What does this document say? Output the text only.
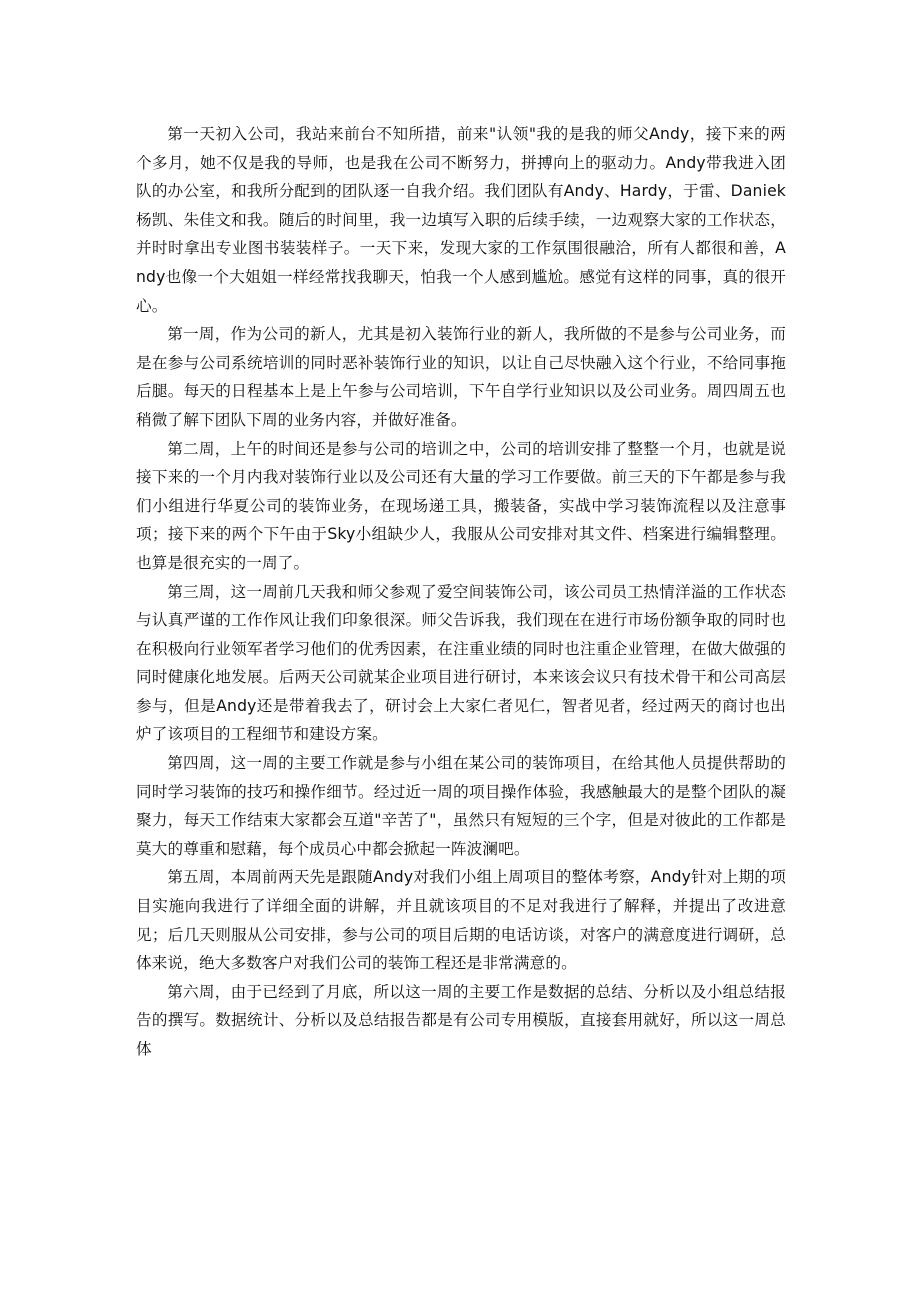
第一天初入公司，我站来前台不知所措，前来"认领"我的是我的师父Andy，接下来的两个多月，她不仅是我的导师，也是我在公司不断努力，拼搏向上的驱动力。Andy带我进入团队的办公室，和我所分配到的团队逐一自我介绍。我们团队有Andy、Hardy，于雷、Daniek杨凯、朱佳文和我。随后的时间里，我一边填写入职的后续手续，一边观察大家的工作状态，并时时拿出专业图书装装样子。一天下来，发现大家的工作氛围很融洽，所有人都很和善，Andy也像一个大姐姐一样经常找我聊天，怕我一个人感到尴尬。感觉有这样的同事，真的很开心。

第一周，作为公司的新人，尤其是初入装饰行业的新人，我所做的不是参与公司业务，而是在参与公司系统培训的同时恶补装饰行业的知识，以让自己尽快融入这个行业，不给同事拖后腿。每天的日程基本上是上午参与公司培训，下午自学行业知识以及公司业务。周四周五也稍微了解下团队下周的业务内容，并做好准备。

第二周，上午的时间还是参与公司的培训之中，公司的培训安排了整整一个月，也就是说接下来的一个月内我对装饰行业以及公司还有大量的学习工作要做。前三天的下午都是参与我们小组进行华夏公司的装饰业务，在现场递工具，搬装备，实战中学习装饰流程以及注意事项；接下来的两个下午由于Sky小组缺少人，我服从公司安排对其文件、档案进行编辑整理。也算是很充实的一周了。

第三周，这一周前几天我和师父参观了爱空间装饰公司，该公司员工热情洋溢的工作状态与认真严谨的工作作风让我们印象很深。师父告诉我，我们现在在进行市场份额争取的同时也在积极向行业领军者学习他们的优秀因素，在注重业绩的同时也注重企业管理，在做大做强的同时健康化地发展。后两天公司就某企业项目进行研讨，本来该会议只有技术骨干和公司高层参与，但是Andy还是带着我去了，研讨会上大家仁者见仁，智者见者，经过两天的商讨也出炉了该项目的工程细节和建设方案。

第四周，这一周的主要工作就是参与小组在某公司的装饰项目，在给其他人员提供帮助的同时学习装饰的技巧和操作细节。经过近一周的项目操作体验，我感触最大的是整个团队的凝聚力，每天工作结束大家都会互道"辛苦了"，虽然只有短短的三个字，但是对彼此的工作都是莫大的尊重和慰藉，每个成员心中都会掀起一阵波澜吧。

第五周，本周前两天先是跟随Andy对我们小组上周项目的整体考察，Andy针对上期的项目实施向我进行了详细全面的讲解，并且就该项目的不足对我进行了解释，并提出了改进意见；后几天则服从公司安排，参与公司的项目后期的电话访谈，对客户的满意度进行调研，总体来说，绝大多数客户对我们公司的装饰工程还是非常满意的。

第六周，由于已经到了月底，所以这一周的主要工作是数据的总结、分析以及小组总结报告的撰写。数据统计、分析以及总结报告都是有公司专用模版，直接套用就好，所以这一周总体
